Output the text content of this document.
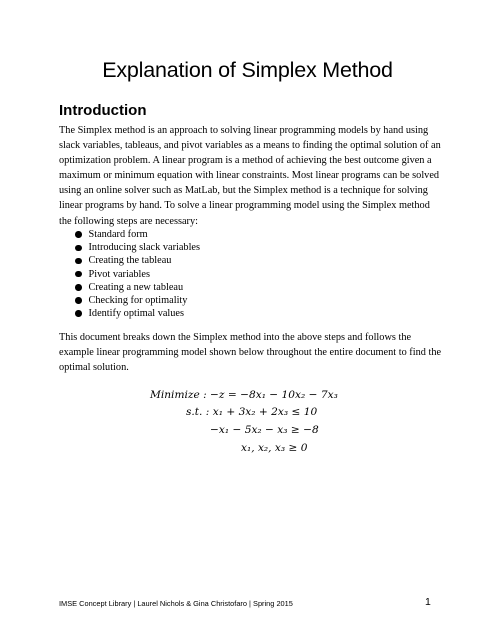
Explanation of Simplex Method
Introduction
The Simplex method is an approach to solving linear programming models by hand using slack variables, tableaus, and pivot variables as a means to finding the optimal solution of an optimization problem. A linear program is a method of achieving the best outcome given a maximum or minimum equation with linear constraints. Most linear programs can be solved using an online solver such as MatLab, but the Simplex method is a technique for solving linear programs by hand. To solve a linear programming model using the Simplex method the following steps are necessary:
Standard form
Introducing slack variables
Creating the tableau
Pivot variables
Creating a new tableau
Checking for optimality
Identify optimal values
This document breaks down the Simplex method into the above steps and follows the example linear programming model shown below throughout the entire document to find the optimal solution.
Minimize : −z = −8x₁ − 10x₂ − 7x₃
s.t. : x₁ + 3x₂ + 2x₃ ≤ 10
−x₁ − 5x₂ − x₃ ≥ −8
x₁, x₂, x₃ ≥ 0
IMSE Concept Library | Laurel Nichols & Gina Christofaro | Spring 2015	1
